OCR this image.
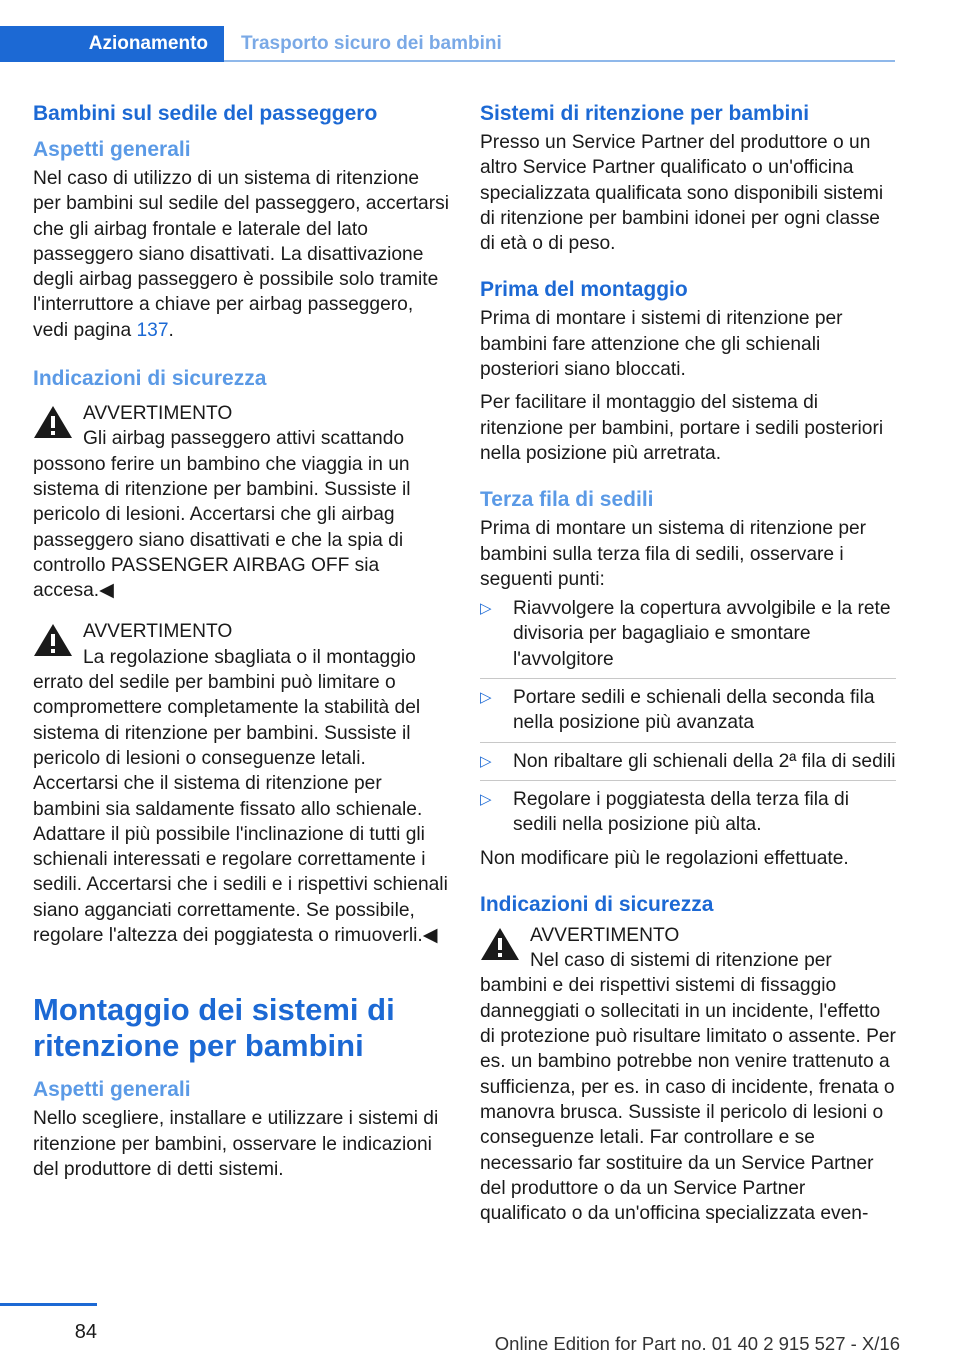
Azionamento	Trasporto sicuro dei bambini
Bambini sul sedile del passeggero
Aspetti generali

Nel caso di utilizzo di un sistema di ritenzione per bambini sul sedile del passeggero, accertarsi che gli airbag frontale e laterale del lato passeggero siano disattivati. La disattivazione degli airbag passeggero è possibile solo tramite l'interruttore a chiave per airbag passeggero, vedi pagina 137.

Indicazioni di sicurezza
AVVERTIMENTO
Gli airbag passeggero attivi scattando possono ferire un bambino che viaggia in un sistema di ritenzione per bambini. Sussiste il pericolo di lesioni. Accertarsi che gli airbag passeggero siano disattivati e che la spia di controllo PASSENGER AIRBAG OFF sia accesa.◀
AVVERTIMENTO
La regolazione sbagliata o il montaggio errato del sedile per bambini può limitare o compromettere completamente la stabilità del sistema di ritenzione per bambini. Sussiste il pericolo di lesioni o conseguenze letali. Accertarsi che il sistema di ritenzione per bambini sia saldamente fissato allo schienale. Adattare il più possibile l'inclinazione di tutti gli schienali interessati e regolare correttamente i sedili. Accertarsi che i sedili e i rispettivi schienali siano agganciati correttamente. Se possibile, regolare l'altezza dei poggiatesta o rimuoverli.◀
Montaggio dei sistemi di ritenzione per bambini
Aspetti generali

Nello scegliere, installare e utilizzare i sistemi di ritenzione per bambini, osservare le indicazioni del produttore di detti sistemi.

Sistemi di ritenzione per bambini

Presso un Service Partner del produttore o un altro Service Partner qualificato o un'officina specializzata qualificata sono disponibili sistemi di ritenzione per bambini idonei per ogni classe di età o di peso.

Prima del montaggio

Prima di montare i sistemi di ritenzione per bambini fare attenzione che gli schienali posteriori siano bloccati.

Per facilitare il montaggio del sistema di ritenzione per bambini, portare i sedili posteriori nella posizione più arretrata.

Terza fila di sedili

Prima di montare un sistema di ritenzione per bambini sulla terza fila di sedili, osservare i seguenti punti:

▷ Riavvolgere la copertura avvolgibile e la rete divisoria per bagagliaio e smontare l'avvolgitore
▷ Portare sedili e schienali della seconda fila nella posizione più avanzata
▷ Non ribaltare gli schienali della 2ª fila di sedili
▷ Regolare i poggiatesta della terza fila di sedili nella posizione più alta.

Non modificare più le regolazioni effettuate.

Indicazioni di sicurezza
AVVERTIMENTO
Nel caso di sistemi di ritenzione per bambini e dei rispettivi sistemi di fissaggio danneggiati o sollecitati in un incidente, l'effetto di protezione può risultare limitato o assente. Per es. un bambino potrebbe non venire trattenuto a sufficienza, per es. in caso di incidente, frenata o manovra brusca. Sussiste il pericolo di lesioni o conseguenze letali. Far controllare e se necessario far sostituire da un Service Partner del produttore o da un Service Partner qualificato o da un'officina specializzata even-
84
Online Edition for Part no. 01 40 2 915 527 - X/16
